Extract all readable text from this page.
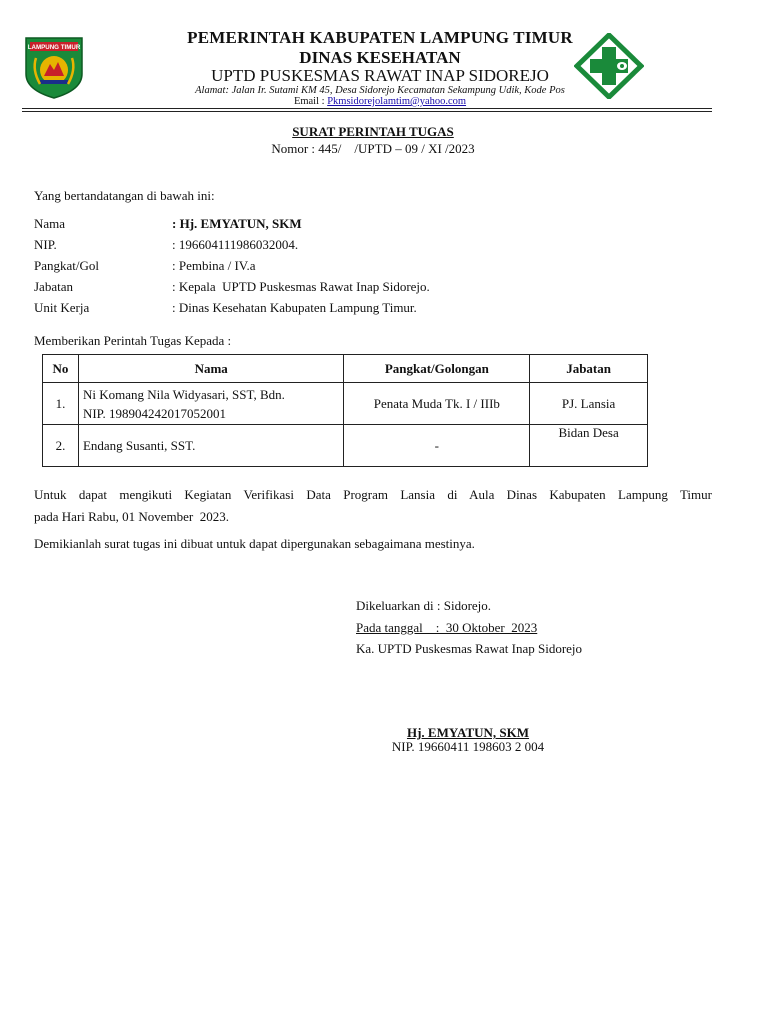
LAMPUNG TIMUR
PEMERINTAH KABUPATEN LAMPUNG TIMUR
DINAS KESEHATAN
UPTD PUSKESMAS RAWAT INAP SIDOREJO
Alamat: Jalan Ir. Sutami KM 45, Desa Sidorejo Kecamatan Sekampung Udik, Kode Pos
Email : Pkmsidorejolamtim@yahoo.com
SURAT PERINTAH TUGAS
Nomor : 445/    /UPTD – 09 / XI /2023
Yang bertandatangan di bawah ini:
Nama	: Hj. EMYATUN, SKM
NIP.	: 196604111986032004.
Pangkat/Gol	: Pembina / IV.a
Jabatan	: Kepala  UPTD Puskesmas Rawat Inap Sidorejo.
Unit Kerja	: Dinas Kesehatan Kabupaten Lampung Timur.
Memberikan Perintah Tugas Kepada :
No	Nama	Pangkat/Golongan	Jabatan
1.	Ni Komang Nila Widyasari, SST, Bdn.
NIP. 198904242017052001	Penata Muda Tk. I / IIIb	PJ. Lansia
2.	Endang Susanti, SST.	-	Bidan Desa
Untuk dapat mengikuti Kegiatan Verifikasi Data Program Lansia di Aula Dinas Kabupaten Lampung Timur
pada Hari Rabu, 01 November  2023.
Demikianlah surat tugas ini dibuat untuk dapat dipergunakan sebagaimana mestinya.
Dikeluarkan di : Sidorejo.
Pada tanggal    :  30 Oktober  2023
Ka. UPTD Puskesmas Rawat Inap Sidorejo
Hj. EMYATUN, SKM
NIP. 19660411 198603 2 004
